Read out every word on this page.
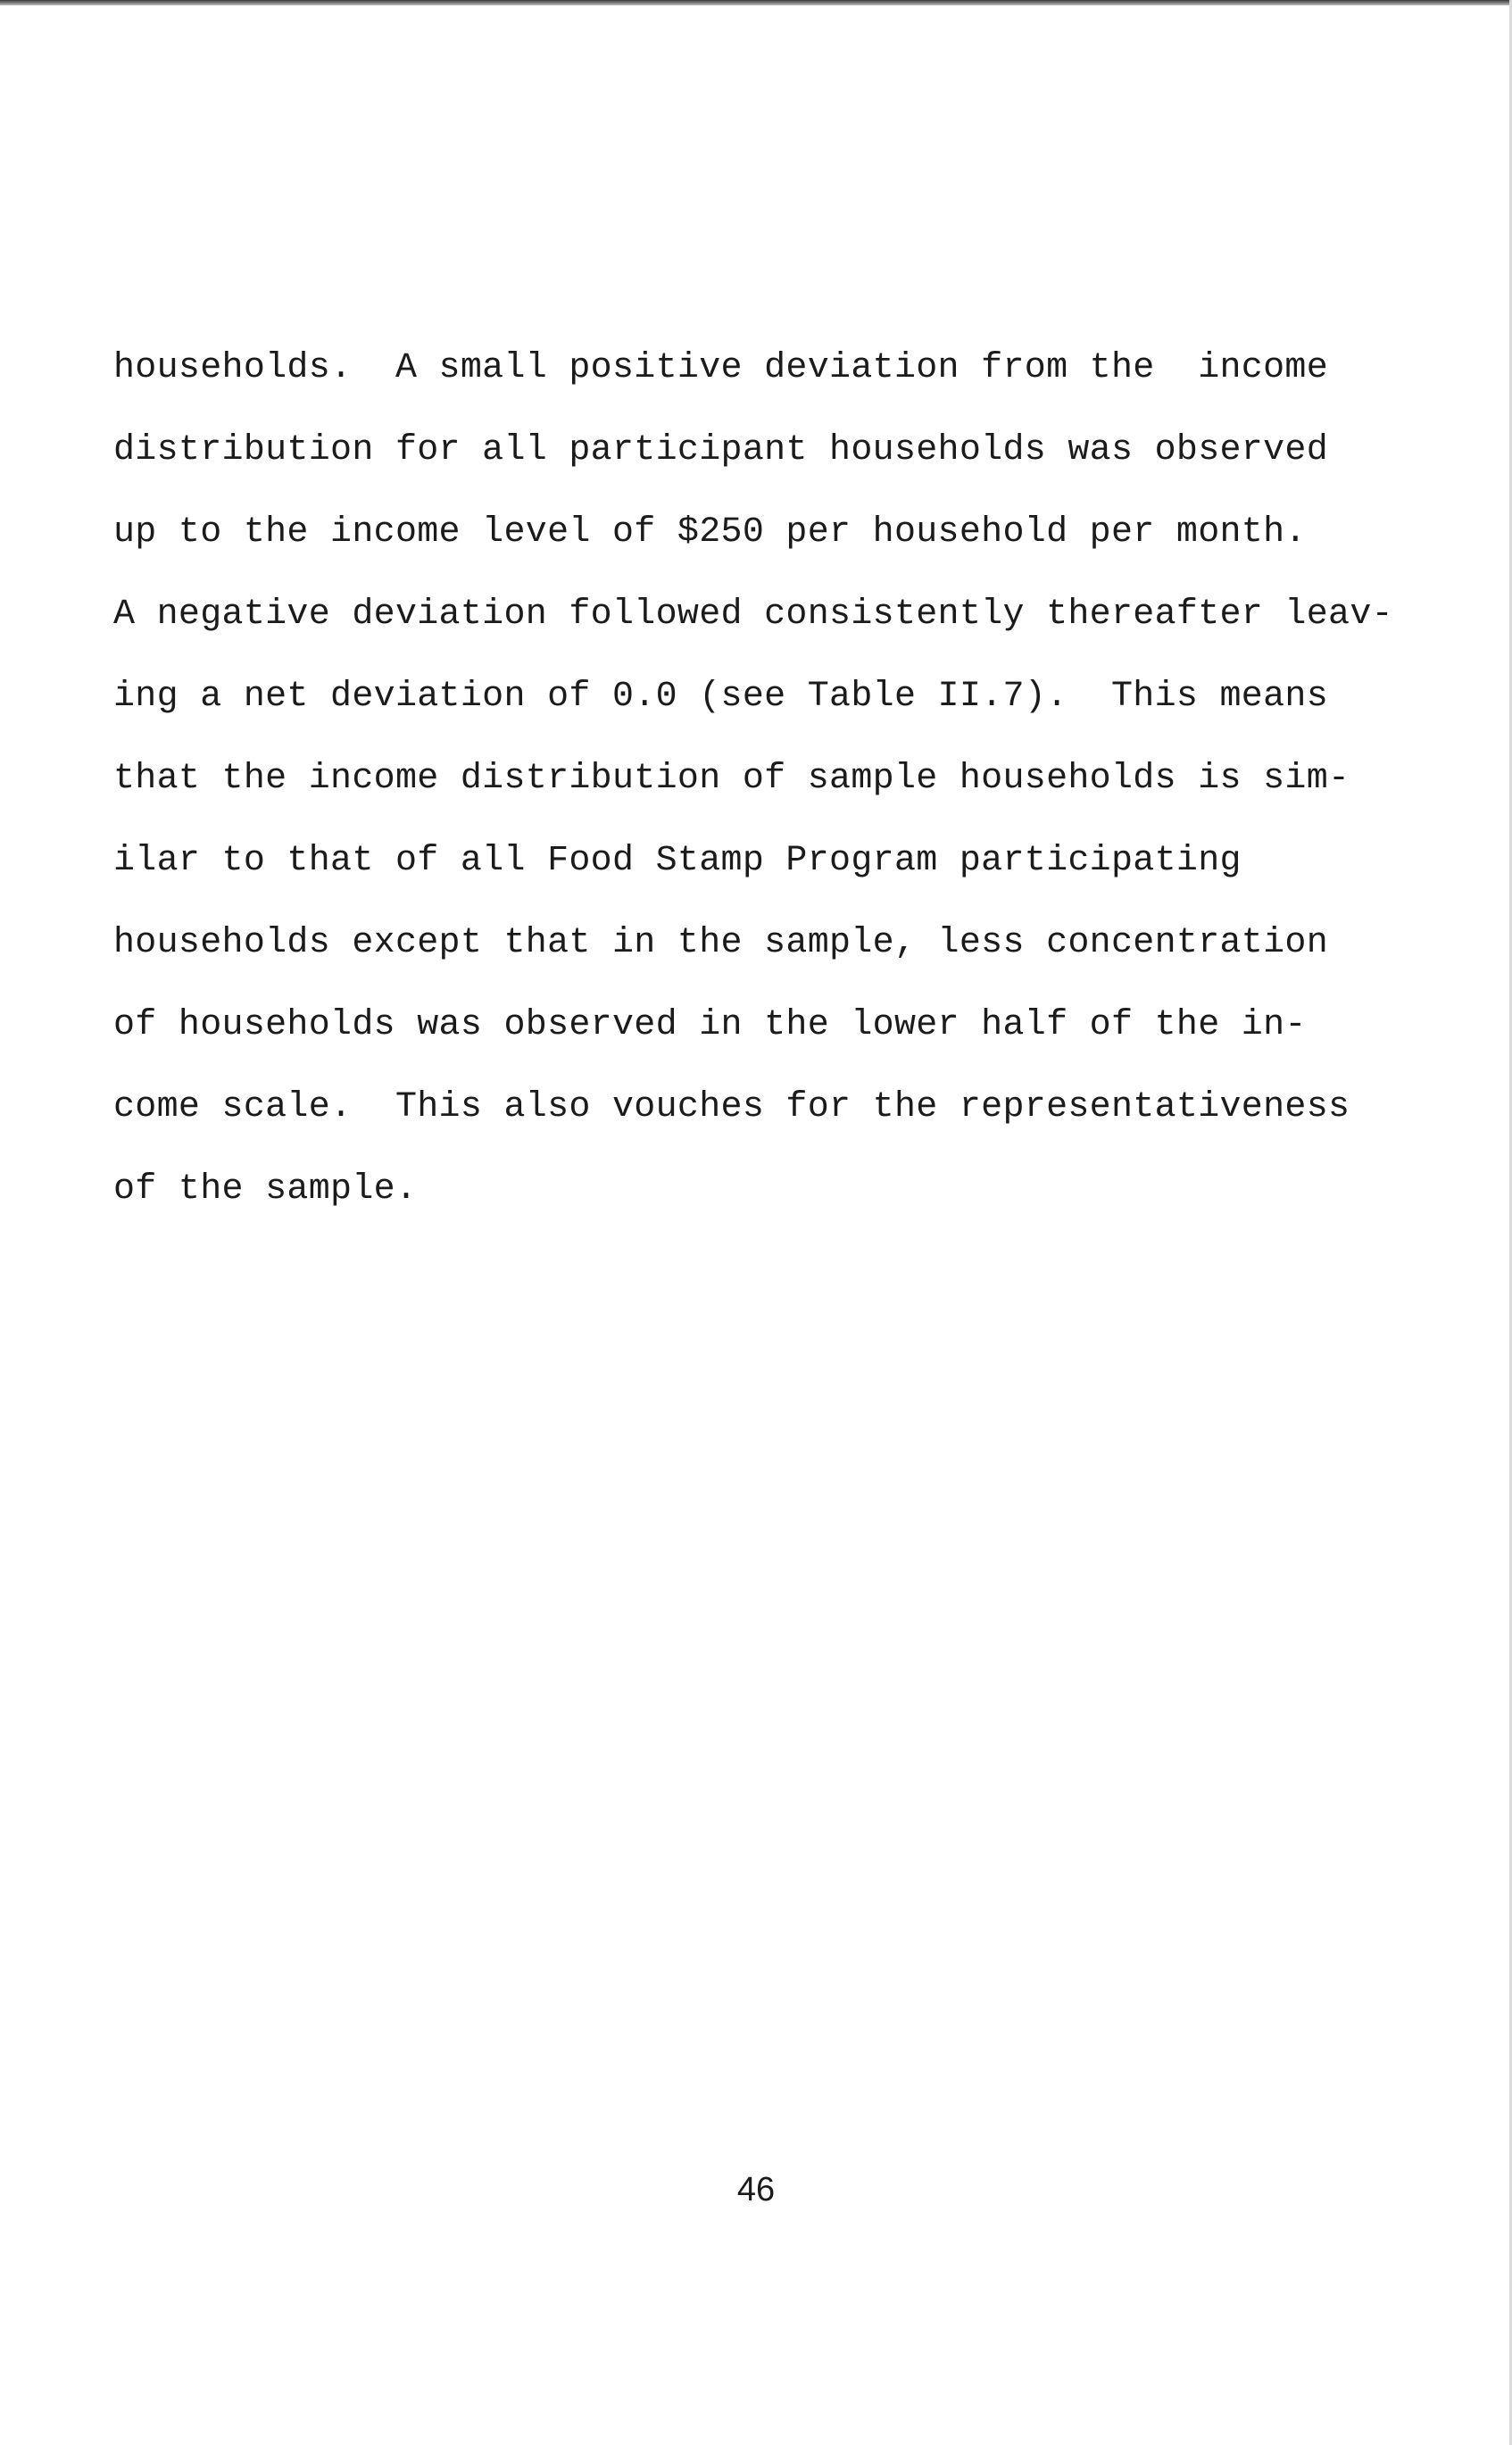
households.  A small positive deviation from the  income
distribution for all participant households was observed
up to the income level of $250 per household per month.
A negative deviation followed consistently thereafter leav-
ing a net deviation of 0.0 (see Table II.7).  This means
that the income distribution of sample households is sim-
ilar to that of all Food Stamp Program participating
households except that in the sample, less concentration
of households was observed in the lower half of the in-
come scale.  This also vouches for the representativeness
of the sample.
46
